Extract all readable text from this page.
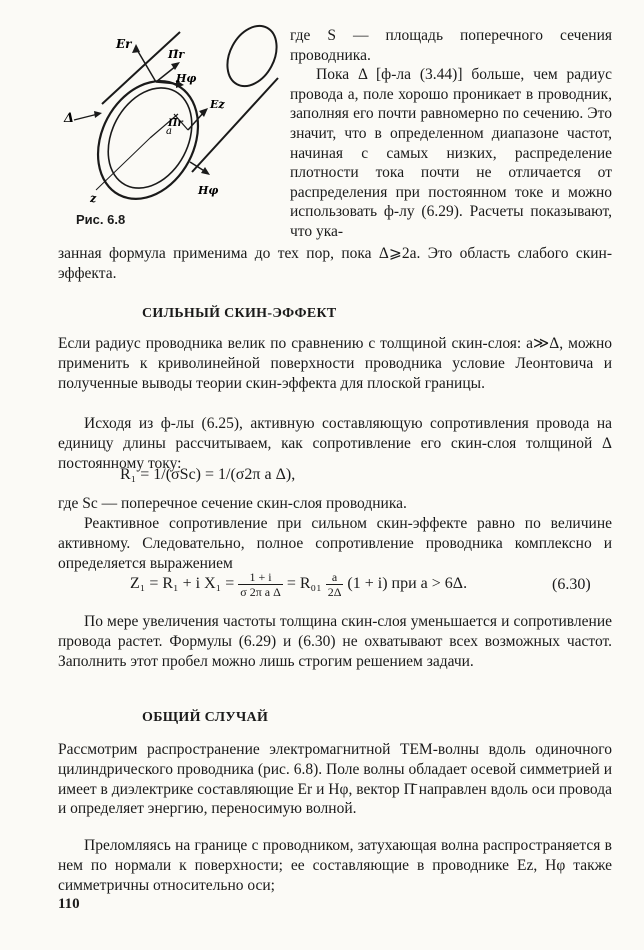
Er
П̄r
Hφ
Δ
Ez
П̄r
a
z
Hφ
Рис. 6.8

где S — площадь поперечного сечения проводника.

Пока Δ [ф-ла (3.44)] больше, чем радиус провода a, поле хорошо проникает в проводник, заполняя его почти равномерно по сечению. Это значит, что в определенном диапазоне частот, начиная с самых низких, распределение плотности тока почти не отличается от распределения при постоянном токе и можно использовать ф-лу (6.29). Расчеты показывают, что ука-

занная формула применима до тех пор, пока Δ⩾2a. Это область слабого скин-эффекта.

СИЛЬНЫЙ СКИН-ЭФФЕКТ

Если радиус проводника велик по сравнению с толщиной скин-слоя: a≫Δ, можно применить к криволинейной поверхности проводника условие Леонтовича и полученные выводы теории скин-эффекта для плоской границы.

Исходя из ф-лы (6.25), активную составляющую сопротивления провода на единицу длины рассчитываем, как сопротивление его скин-слоя толщиной Δ постоянному току:

R₁ = 1/(σSc) = 1/(σ2π a Δ),

где Sc — поперечное сечение скин-слоя проводника.

Реактивное сопротивление при сильном скин-эффекте равно по величине активному. Следовательно, полное сопротивление проводника комплексно и определяется выражением

Z₁ = R₁ + i $X_1 = \frac{1 + i}{\text{σ 2π a Δ}} = R_{01} \frac{a}{2\Delta} (1 + i)$ при a > 6Δ.	(6.30)

По мере увеличения частоты толщина скин-слоя уменьшается и сопротивление провода растет. Формулы (6.29) и (6.30) не охватывают всех возможных частот. Заполнить этот пробел можно лишь строгим решением задачи.

ОБЩИЙ СЛУЧАЙ

Рассмотрим распространение электромагнитной ТЕМ-волны вдоль одиночного цилиндрического проводника (рис. 6.8). Поле волны обладает осевой симметрией и имеет в диэлектрике составляющие Er и Hφ, вектор П̄ направлен вдоль оси провода и определяет энергию, переносимую волной.

Преломляясь на границе с проводником, затухающая волна распространяется в нем по нормали к поверхности; ее составляющие в проводнике Ez, Hφ также симметричны относительно оси;

110
